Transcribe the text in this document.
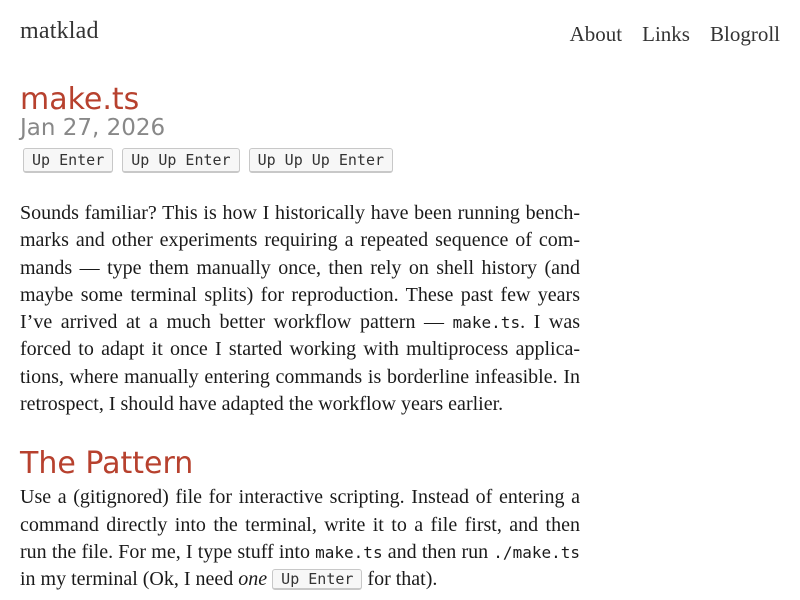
matklad	About Links Blogroll
make.ts
Jan 27, 2026
Up Enter	Up Up Enter	Up Up Up Enter

Sounds familiar? This is how I historically have been running benchmarks and other experiments requiring a repeated sequence of commands — type them manually once, then rely on shell history (and maybe some terminal splits) for reproduction. These past few years I’ve arrived at a much better workflow pattern — make.ts. I was forced to adapt it once I started working with multiprocess applications, where manually entering commands is borderline infeasible. In retrospect, I should have adapted the workflow years earlier.

The Pattern

Use a (gitignored) file for interactive scripting. Instead of entering a command directly into the terminal, write it to a file first, and then run the file. For me, I type stuff into make.ts and then run ./make.ts in my terminal (Ok, I need one Up Enter for that).
